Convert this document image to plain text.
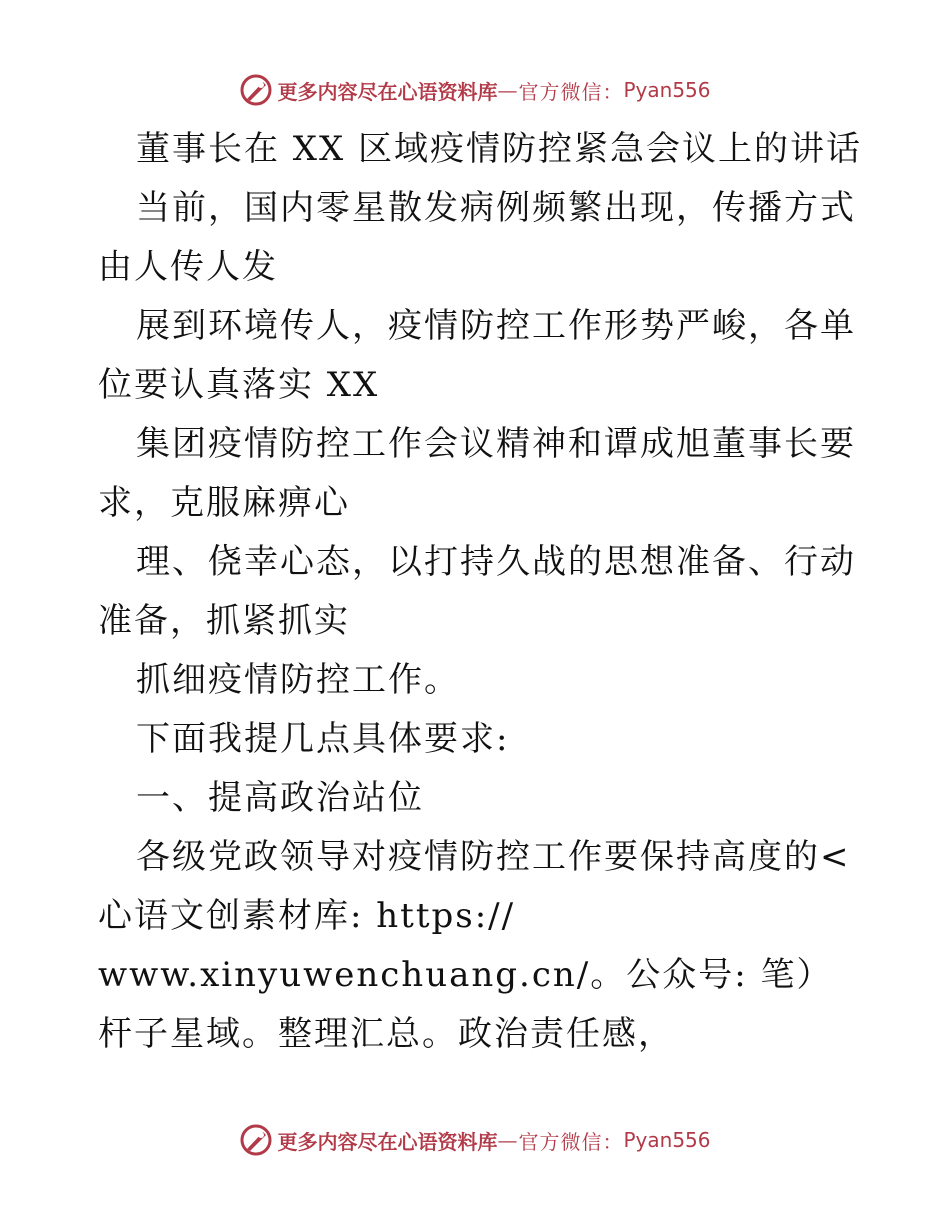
更多内容尽在心语资料库 — 官方微信： Pyan556

董事长在 XX 区域疫情防控紧急会议上的讲话

当前，国内零星散发病例频繁出现，传播方式由人传人发

展到环境传人，疫情防控工作形势严峻，各单位要认真落实 XX

集团疫情防控工作会议精神和谭成旭董事长要求，克服麻痹心

理、侥幸心态，以打持久战的思想准备、行动准备，抓紧抓实

抓细疫情防控工作。

下面我提几点具体要求:

一、提高政治站位

各级党政领导对疫情防控工作要保持高度的<心语文创素材库: https://

www.xinyuwenchuang.cn/。公众号: 笔）杆子星域。整理汇总。政治责任感，

更多内容尽在心语资料库 — 官方微信： Pyan556
